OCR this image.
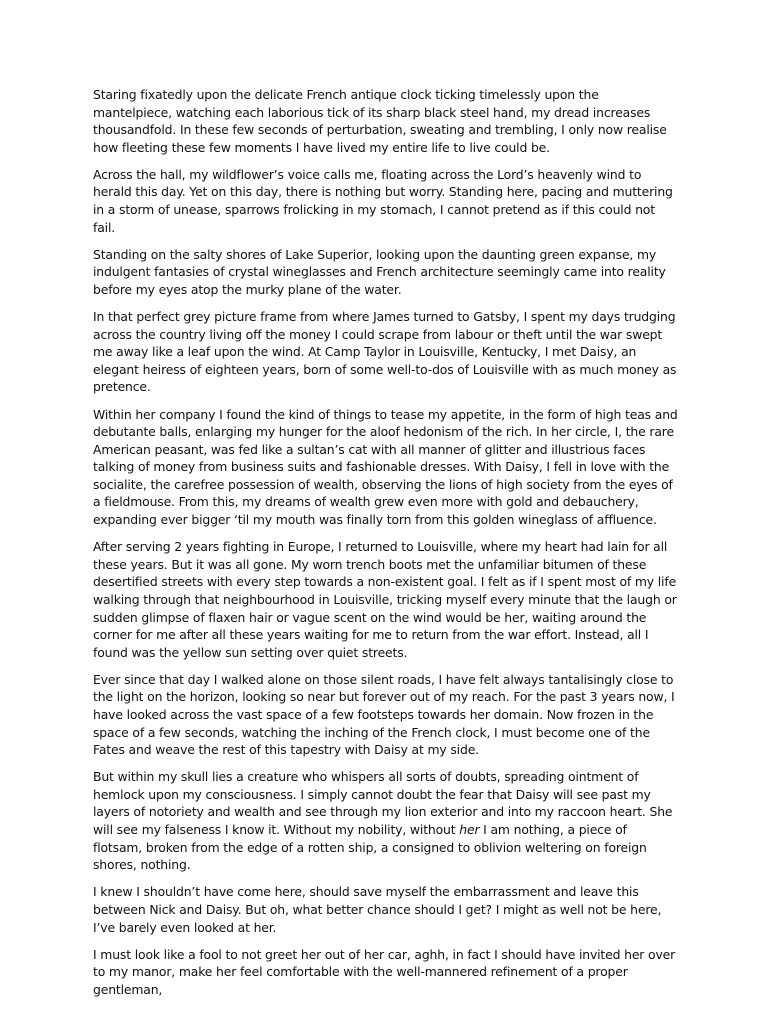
Staring fixatedly upon the delicate French antique clock ticking timelessly upon the mantelpiece, watching each laborious tick of its sharp black steel hand, my dread increases thousandfold. In these few seconds of perturbation, sweating and trembling, I only now realise how fleeting these few moments I have lived my entire life to live could be.

Across the hall, my wildflower’s voice calls me, floating across the Lord’s heavenly wind to herald this day. Yet on this day, there is nothing but worry. Standing here, pacing and muttering in a storm of unease, sparrows frolicking in my stomach, I cannot pretend as if this could not fail.

Standing on the salty shores of Lake Superior, looking upon the daunting green expanse, my indulgent fantasies of crystal wineglasses and French architecture seemingly came into reality before my eyes atop the murky plane of the water.

In that perfect grey picture frame from where James turned to Gatsby, I spent my days trudging across the country living off the money I could scrape from labour or theft until the war swept me away like a leaf upon the wind. At Camp Taylor in Louisville, Kentucky, I met Daisy, an elegant heiress of eighteen years, born of some well-to-dos of Louisville with as much money as pretence.

Within her company I found the kind of things to tease my appetite, in the form of high teas and debutante balls, enlarging my hunger for the aloof hedonism of the rich. In her circle, I, the rare American peasant, was fed like a sultan’s cat with all manner of glitter and illustrious faces talking of money from business suits and fashionable dresses. With Daisy, I fell in love with the socialite, the carefree possession of wealth, observing the lions of high society from the eyes of a fieldmouse. From this, my dreams of wealth grew even more with gold and debauchery, expanding ever bigger ‘til my mouth was finally torn from this golden wineglass of affluence.

After serving 2 years fighting in Europe, I returned to Louisville, where my heart had lain for all these years. But it was all gone. My worn trench boots met the unfamiliar bitumen of these desertified streets with every step towards a non-existent goal. I felt as if I spent most of my life walking through that neighbourhood in Louisville, tricking myself every minute that the laugh or sudden glimpse of flaxen hair or vague scent on the wind would be her, waiting around the corner for me after all these years waiting for me to return from the war effort. Instead, all I found was the yellow sun setting over quiet streets.

Ever since that day I walked alone on those silent roads, I have felt always tantalisingly close to the light on the horizon, looking so near but forever out of my reach. For the past 3 years now, I have looked across the vast space of a few footsteps towards her domain. Now frozen in the space of a few seconds, watching the inching of the French clock, I must become one of the Fates and weave the rest of this tapestry with Daisy at my side.

But within my skull lies a creature who whispers all sorts of doubts, spreading ointment of hemlock upon my consciousness. I simply cannot doubt the fear that Daisy will see past my layers of notoriety and wealth and see through my lion exterior and into my raccoon heart. She will see my falseness I know it. Without my nobility, without her I am nothing, a piece of flotsam, broken from the edge of a rotten ship, a consigned to oblivion weltering on foreign shores, nothing.

I knew I shouldn’t have come here, should save myself the embarrassment and leave this between Nick and Daisy. But oh, what better chance should I get? I might as well not be here, I’ve barely even looked at her.

I must look like a fool to not greet her out of her car, aghh, in fact I should have invited her over to my manor, make her feel comfortable with the well-mannered refinement of a proper gentleman,
